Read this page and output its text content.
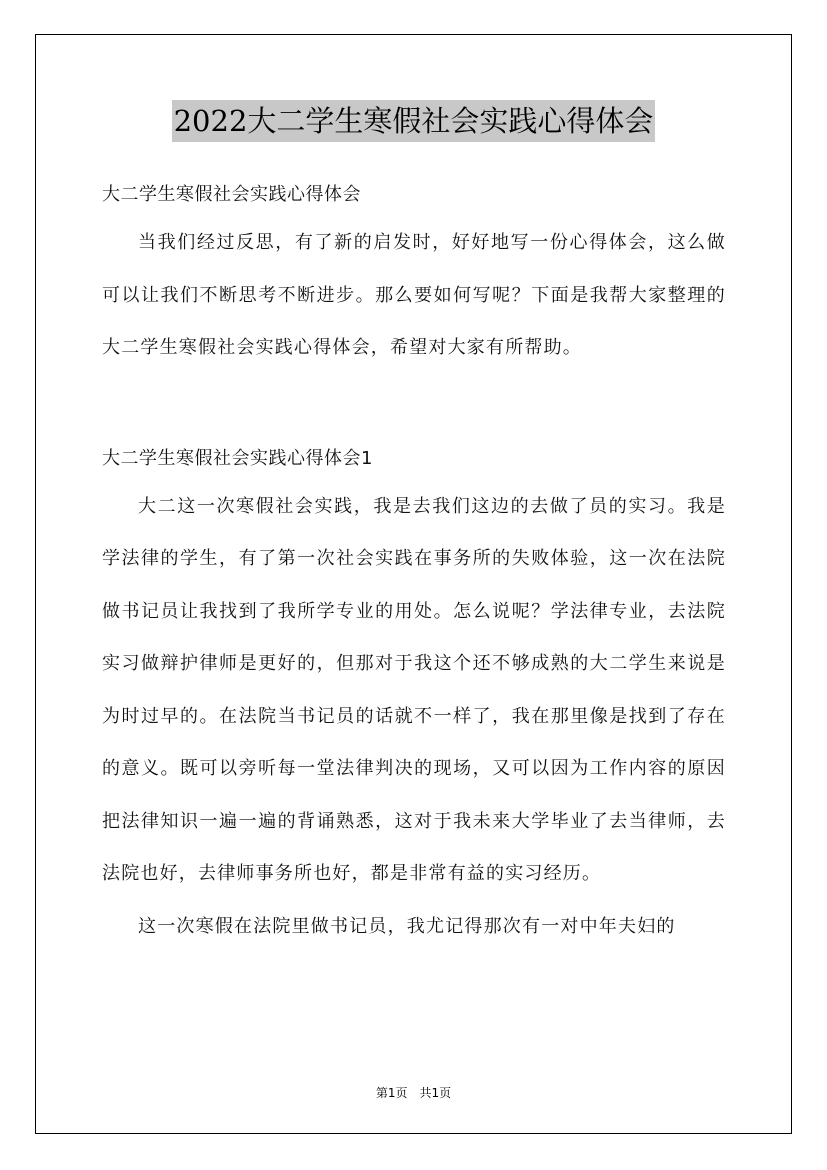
2022大二学生寒假社会实践心得体会

大二学生寒假社会实践心得体会

当我们经过反思，有了新的启发时，好好地写一份心得体会，这么做可以让我们不断思考不断进步。那么要如何写呢？下面是我帮大家整理的大二学生寒假社会实践心得体会，希望对大家有所帮助。

大二学生寒假社会实践心得体会1

大二这一次寒假社会实践，我是去我们这边的去做了员的实习。我是学法律的学生，有了第一次社会实践在事务所的失败体验，这一次在法院做书记员让我找到了我所学专业的用处。怎么说呢？学法律专业，去法院实习做辩护律师是更好的，但那对于我这个还不够成熟的大二学生来说是为时过早的。在法院当书记员的话就不一样了，我在那里像是找到了存在的意义。既可以旁听每一堂法律判决的现场，又可以因为工作内容的原因把法律知识一遍一遍的背诵熟悉，这对于我未来大学毕业了去当律师，去法院也好，去律师事务所也好，都是非常有益的实习经历。

这一次寒假在法院里做书记员，我尤记得那次有一对中年夫妇的

第1页　共1页
